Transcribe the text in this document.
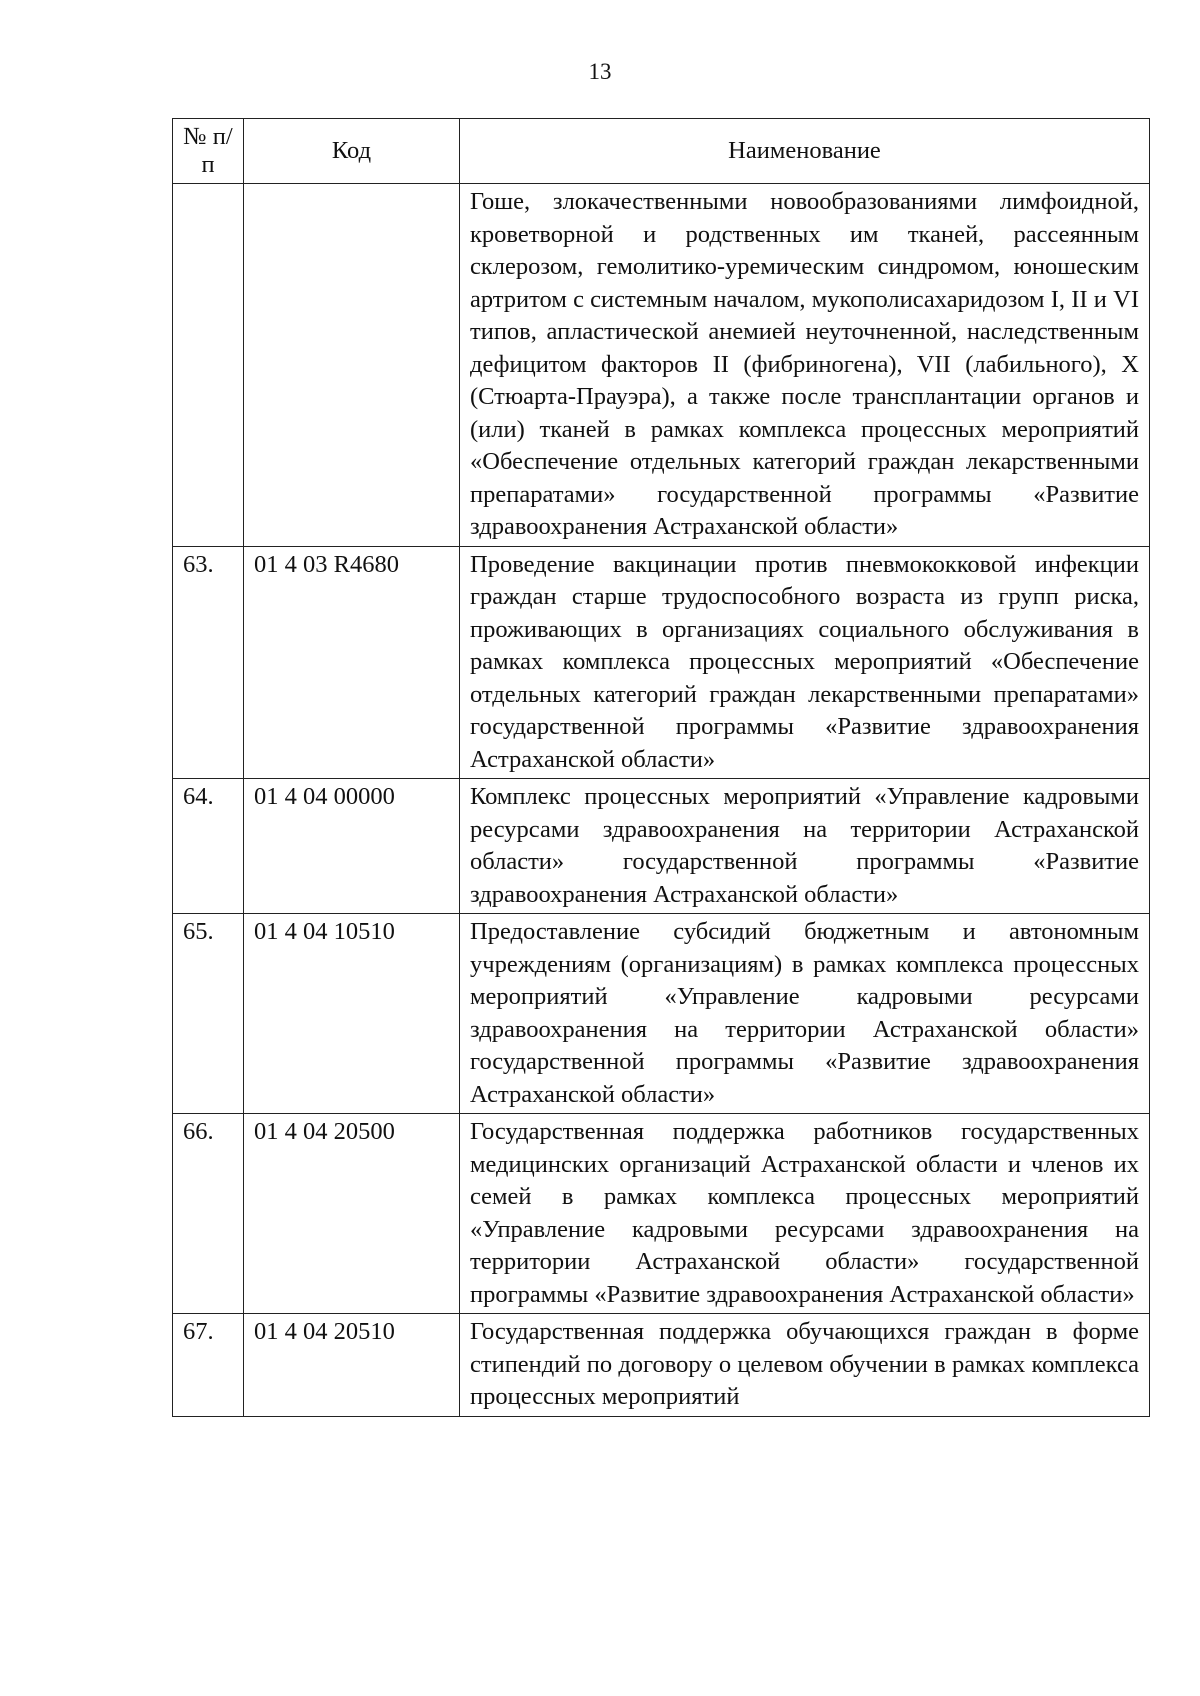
13
№ п/п	Код	Наименование
		Гоше, злокачественными новообразованиями лимфоидной, кроветворной и родственных им тканей, рассеянным склерозом, гемолитико-уремическим синдромом, юношеским артритом с системным началом, мукополисахаридозом I, II и VI типов, апластической анемией неуточненной, наследственным дефицитом факторов II (фибриногена), VII (лабильного), X (Стюарта-Прауэра), а также после трансплантации органов и (или) тканей в рамках комплекса процессных мероприятий «Обеспечение отдельных категорий граждан лекарственными препаратами» государственной программы «Развитие здравоохранения Астраханской области»
63.	01 4 03 R4680	Проведение вакцинации против пневмококковой инфекции граждан старше трудоспособного возраста из групп риска, проживающих в организациях социального обслуживания в рамках комплекса процессных мероприятий «Обеспечение отдельных категорий граждан лекарственными препаратами» государственной программы «Развитие здравоохранения Астраханской области»
64.	01 4 04 00000	Комплекс процессных мероприятий «Управление кадровыми ресурсами здравоохранения на территории Астраханской области» государственной программы «Развитие здравоохранения Астраханской области»
65.	01 4 04 10510	Предоставление субсидий бюджетным и автономным учреждениям (организациям) в рамках комплекса процессных мероприятий «Управление кадровыми ресурсами здравоохранения на территории Астраханской области» государственной программы «Развитие здравоохранения Астраханской области»
66.	01 4 04 20500	Государственная поддержка работников государственных медицинских организаций Астраханской области и членов их семей в рамках комплекса процессных мероприятий «Управление кадровыми ресурсами здравоохранения на территории Астраханской области» государственной программы «Развитие здравоохранения Астраханской области»
67.	01 4 04 20510	Государственная поддержка обучающихся граждан в форме стипендий по договору о целевом обучении в рамках комплекса процессных мероприятий
